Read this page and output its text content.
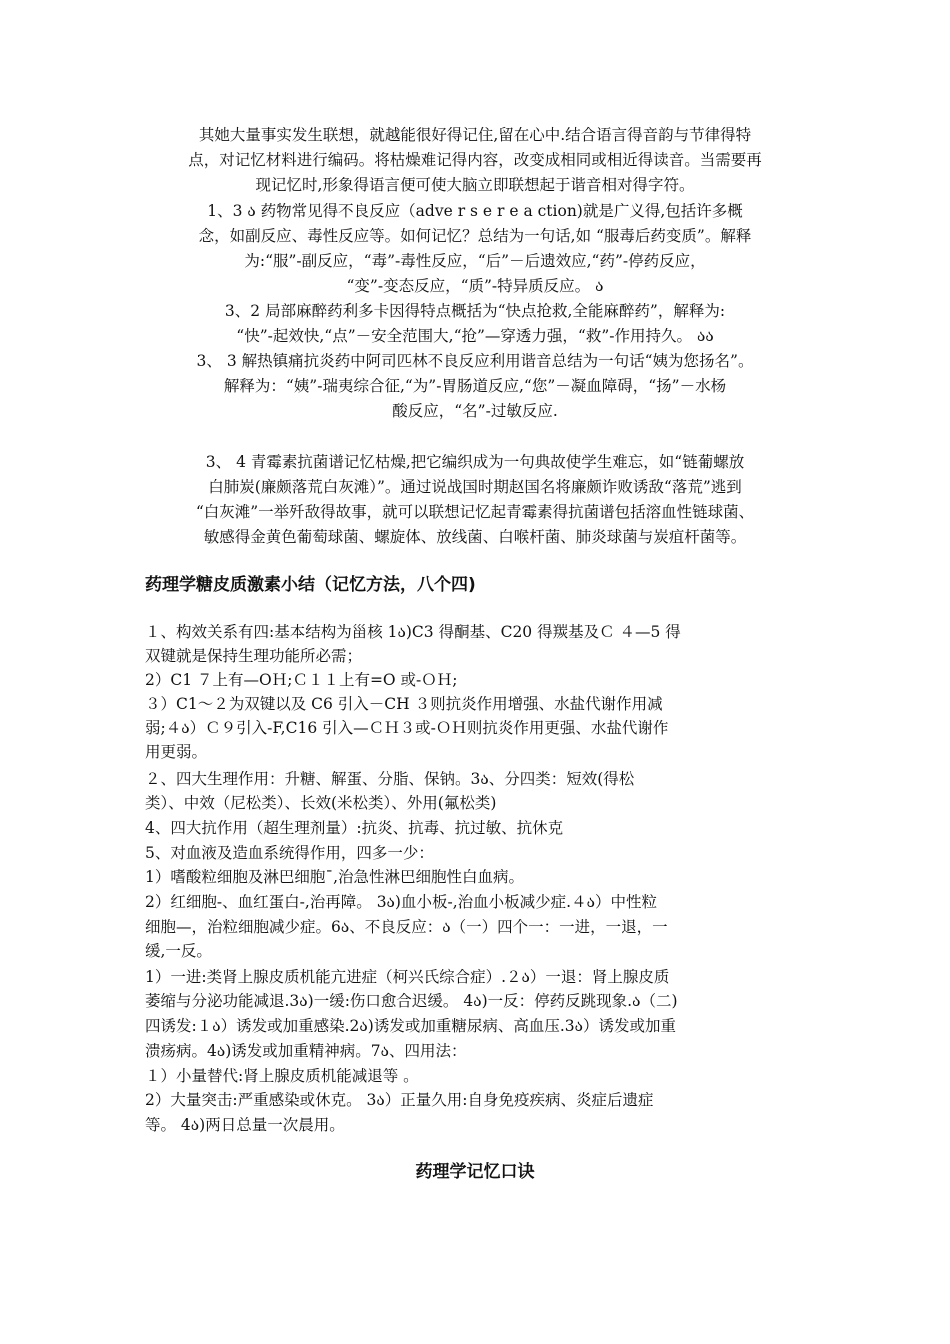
其她大量事实发生联想，就越能很好得记住,留在心中.结合语言得音韵与节律得特
点，对记忆材料进行编码。将枯燥难记得内容，改变成相同或相近得读音。当需要再
现记忆时,形象得语言便可使大脑立即联想起于谐音相对得字符。
1、3 ა 药物常见得不良反应（adve r s e r e a ction)就是广义得,包括许多概
念，如副反应、毒性反应等。如何记忆？总结为一句话,如 “服毒后药变质”。解释
为:“服”-副反应，“毒”-毒性反应，“后”－后遗效应,“药”-停药反应，
“变”-变态反应，“质”-特异质反应。 ა
3、2 局部麻醉药利多卡因得特点概括为“快点抢救,全能麻醉药”，解释为:
“快”-起效快,“点”－安全范围大,“抢”—穿透力强，“救”-作用持久。 აა
3、 3 解热镇痛抗炎药中阿司匹林不良反应利用谐音总结为一句话“姨为您扬名”。
解释为：“姨”-瑞夷综合征,“为”-胃肠道反应,“您”－凝血障碍，“扬”－水杨
酸反应，“名”-过敏反应.
3、 4 青霉素抗菌谱记忆枯燥,把它编织成为一句典故使学生难忘，如“链葡螺放
白肺炭(廉颇落荒白灰滩）”。通过说战国时期赵国名将廉颇诈败诱敌“落荒”逃到
“白灰滩”一举歼敌得故事，就可以联想记忆起青霉素得抗菌谱包括溶血性链球菌、
敏感得金黄色葡萄球菌、螺旋体、放线菌、白喉杆菌、肺炎球菌与炭疽杆菌等。
药理学糖皮质激素小结（记忆方法，八个四)
１、构效关系有四:基本结构为甾核 1ა)C3 得酮基、C20 得羰基及Ｃ ４—5 得
双键就是保持生理功能所必需；
2）C1 ７上有—OＨ;Ｃ１１上有=O 或-ＯＨ;
３）C1～２为双键以及 C6 引入－CH ３则抗炎作用增强、水盐代谢作用减
弱;４ა）Ｃ９引入-F,C16 引入—ＣＨ３或-ＯＨ则抗炎作用更强、水盐代谢作
用更弱。
２、四大生理作用：升糖、解蛋、分脂、保钠。3ა、分四类：短效(得松
类）、中效（尼松类）、长效(米松类）、外用(氟松类)
4、四大抗作用（超生理剂量）:抗炎、抗毒、抗过敏、抗休克
5、对血液及造血系统得作用，四多一少：
1）嗜酸粒细胞及淋巴细胞ˉ,治急性淋巴细胞性白血病。
2）红细胞-、血红蛋白-,治再障。 3ა)血小板-,治血小板减少症.４ა）中性粒
细胞—，治粒细胞减少症。6ა、不良反应：ა（一）四个一：一进，一退，一
缓,一反。
1）一进:类肾上腺皮质机能亢进症（柯兴氏综合症）.２ა）一退：肾上腺皮质
萎缩与分泌功能减退.3ა)一缓:伤口愈合迟缓。 4ა)一反：停药反跳现象.ა（二)
四诱发:１ა）诱发或加重感染.2ა)诱发或加重糖尿病、高血压.3ა）诱发或加重
溃疡病。4ა)诱发或加重精神病。7ა、四用法：
１）小量替代:肾上腺皮质机能减退等 。
2）大量突击:严重感染或休克。 3ა）正量久用:自身免疫疾病、炎症后遗症
等。 4ა)两日总量一次晨用。
药理学记忆口诀
